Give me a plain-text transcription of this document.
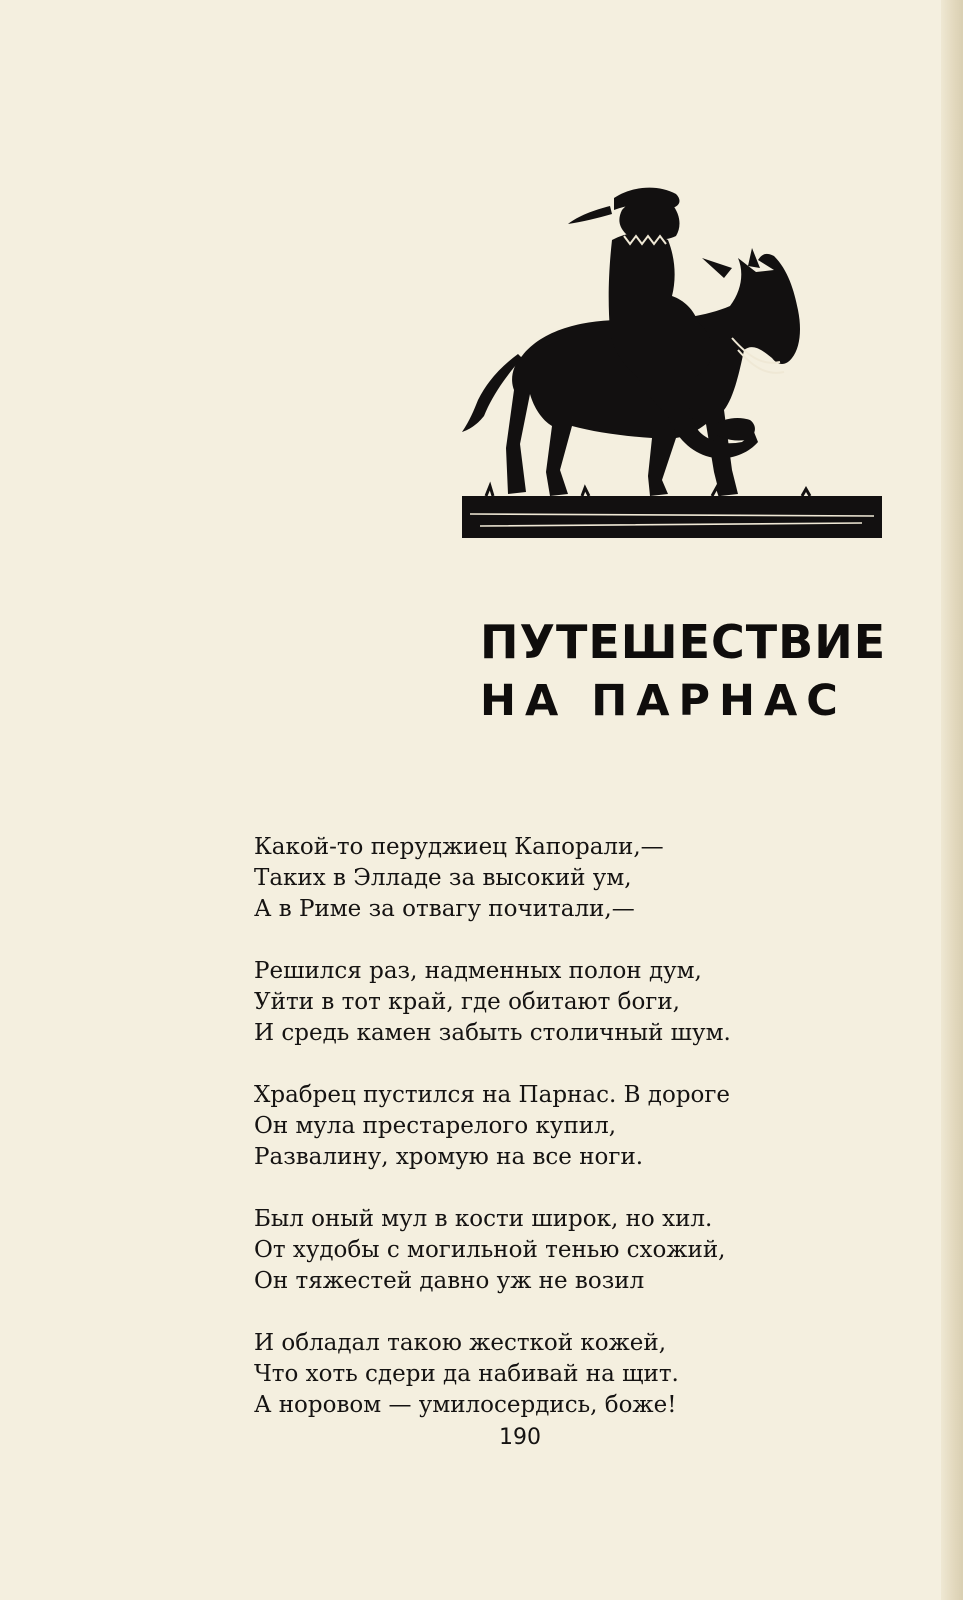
ПУТЕШЕСТВИЕ
НА ПАРНАС
Какой-то перуджиец Капорали,—
Таких в Элладе за высокий ум,
А в Риме за отвагу почитали,—
Решился раз, надменных полон дум,
Уйти в тот край, где обитают боги,
И средь камен забыть столичный шум.
Храбрец пустился на Парнас. В дороге
Он мула престарелого купил,
Развалину, хромую на все ноги.
Был оный мул в кости широк, но хил.
От худобы с могильной тенью схожий,
Он тяжестей давно уж не возил
И обладал такою жесткой кожей,
Что хоть сдери да набивай на щит.
А норовом — умилосердись, боже!
190
